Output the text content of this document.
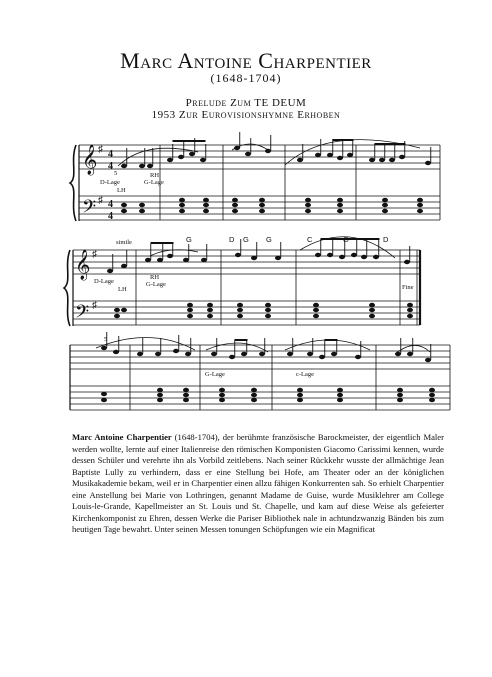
Marc Antoine Charpentier
(1648-1704)
Prelude Zum TE DEUM
1953 Zur Eurovisionshymne Erhoben
𝄞
𝄢
♯
♯
4
4
4
4
5
D-Lage
LH
RH
G-Lage
G	D G G	C	D
𝄞
𝄢
♯
♯
simile
D-Lage
LH
RH
G-Lage	Fine
5
G-Lage	c-Lage

Marc Antoine Charpentier (1648-1704), der berühmte französische Barockmeister, der eigentlich Maler werden wollte, lernte auf einer Italienreise den römischen Komponisten Giacomo Carissimi kennen, wurde dessen Schüler und verehrte ihn als Vorbild zeitlebens. Nach seiner Rückkehr wusste der allmächtige Jean Baptiste Lully zu verhindern, dass er eine Stellung bei Hofe, am Theater oder an der königlichen Musikakademie bekam, weil er in Charpentier einen allzu fähigen Konkurrenten sah. So erhielt Charpentier eine Anstellung bei Marie von Lothringen, genannt Madame de Guise, wurde Musiklehrer am College Louis-le-Grande, Kapellmeister an St. Louis und St. Chapelle, und kam auf diese Weise als gefeierter Kirchenkomponist zu Ehren, dessen Werke die Pariser Bibliothek nale in achtundzwanzig Bänden bis zum heutigen Tage bewahrt. Unter seinen Messen tonungen Schöpfungen wie ein Magnificat
